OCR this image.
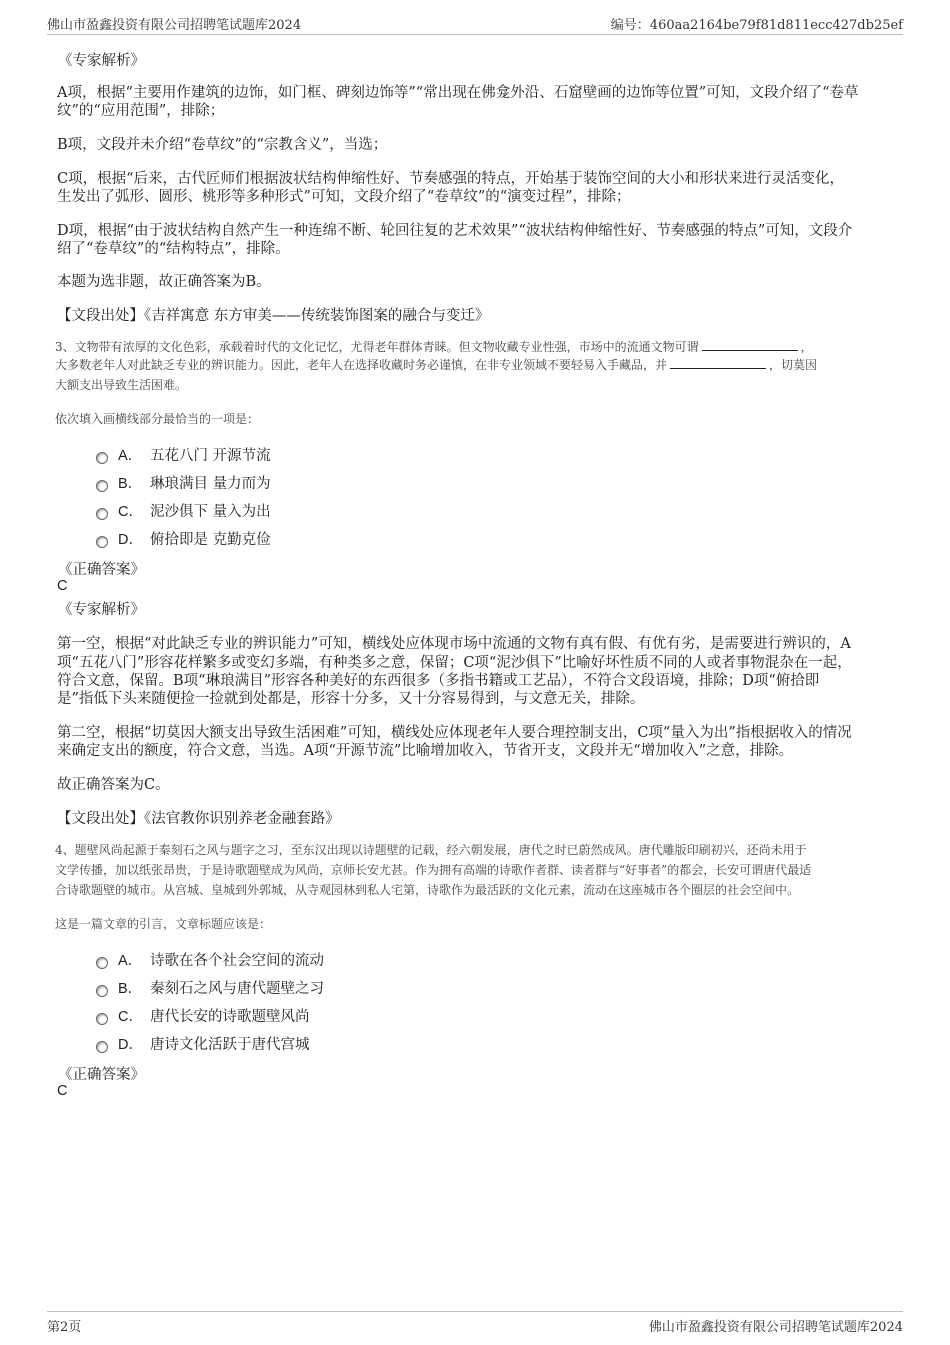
佛山市盈鑫投资有限公司招聘笔试题库2024	编号：460aa2164be79f81d811ecc427db25ef
《专家解析》
A项，根据“主要用作建筑的边饰，如门框、碑刻边饰等”“常出现在佛龛外沿、石窟壁画的边饰等位置”可知，文段介绍了“卷草
纹”的“应用范围”，排除；
B项，文段并未介绍“卷草纹”的“宗教含义”，当选；
C项，根据“后来，古代匠师们根据波状结构伸缩性好、节奏感强的特点，开始基于装饰空间的大小和形状来进行灵活变化，
生发出了弧形、圆形、桃形等多种形式”可知，文段介绍了“卷草纹”的“演变过程”，排除；
D项，根据“由于波状结构自然产生一种连绵不断、轮回往复的艺术效果”“波状结构伸缩性好、节奏感强的特点”可知，文段介
绍了“卷草纹”的“结构特点”，排除。
本题为选非题，故正确答案为B。
【文段出处】《吉祥寓意 东方审美——传统装饰图案的融合与变迁》
3、文物带有浓厚的文化色彩，承载着时代的文化记忆，尤得老年群体青睐。但文物收藏专业性强，市场中的流通文物可谓	，
大多数老年人对此缺乏专业的辨识能力。因此，老年人在选择收藏时务必谨慎，在非专业领域不要轻易入手藏品，并	，切莫因
大额支出导致生活困难。
依次填入画横线部分最恰当的一项是：
A． 五花八门 开源节流
B． 琳琅满目 量力而为
C． 泥沙俱下 量入为出
D． 俯拾即是 克勤克俭
《正确答案》
C
《专家解析》
第一空，根据“对此缺乏专业的辨识能力”可知，横线处应体现市场中流通的文物有真有假、有优有劣，是需要进行辨识的，A
项“五花八门”形容花样繁多或变幻多端，有种类多之意，保留；C项“泥沙俱下”比喻好坏性质不同的人或者事物混杂在一起，
符合文意，保留。B项“琳琅满目”形容各种美好的东西很多（多指书籍或工艺品），不符合文段语境，排除；D项“俯拾即
是”指低下头来随便捡一捡就到处都是，形容十分多，又十分容易得到，与文意无关，排除。
第二空，根据“切莫因大额支出导致生活困难”可知，横线处应体现老年人要合理控制支出，C项“量入为出”指根据收入的情况
来确定支出的额度，符合文意，当选。A项“开源节流”比喻增加收入，节省开支，文段并无“增加收入”之意，排除。
故正确答案为C。
【文段出处】《法官教你识别养老金融套路》
4、题壁风尚起源于秦刻石之风与题字之习，至东汉出现以诗题壁的记载，经六朝发展，唐代之时已蔚然成风。唐代雕版印刷初兴，还尚未用于
文学传播，加以纸张昂贵，于是诗歌题壁成为风尚，京师长安尤甚。作为拥有高端的诗歌作者群、读者群与“好事者”的都会，长安可谓唐代最适
合诗歌题壁的城市。从宫城、皇城到外郭城，从寺观园林到私人宅第，诗歌作为最活跃的文化元素，流动在这座城市各个圈层的社会空间中。
这是一篇文章的引言，文章标题应该是：
A． 诗歌在各个社会空间的流动
B． 秦刻石之风与唐代题壁之习
C． 唐代长安的诗歌题壁风尚
D． 唐诗文化活跃于唐代宫城
《正确答案》
C
第2页	佛山市盈鑫投资有限公司招聘笔试题库2024
